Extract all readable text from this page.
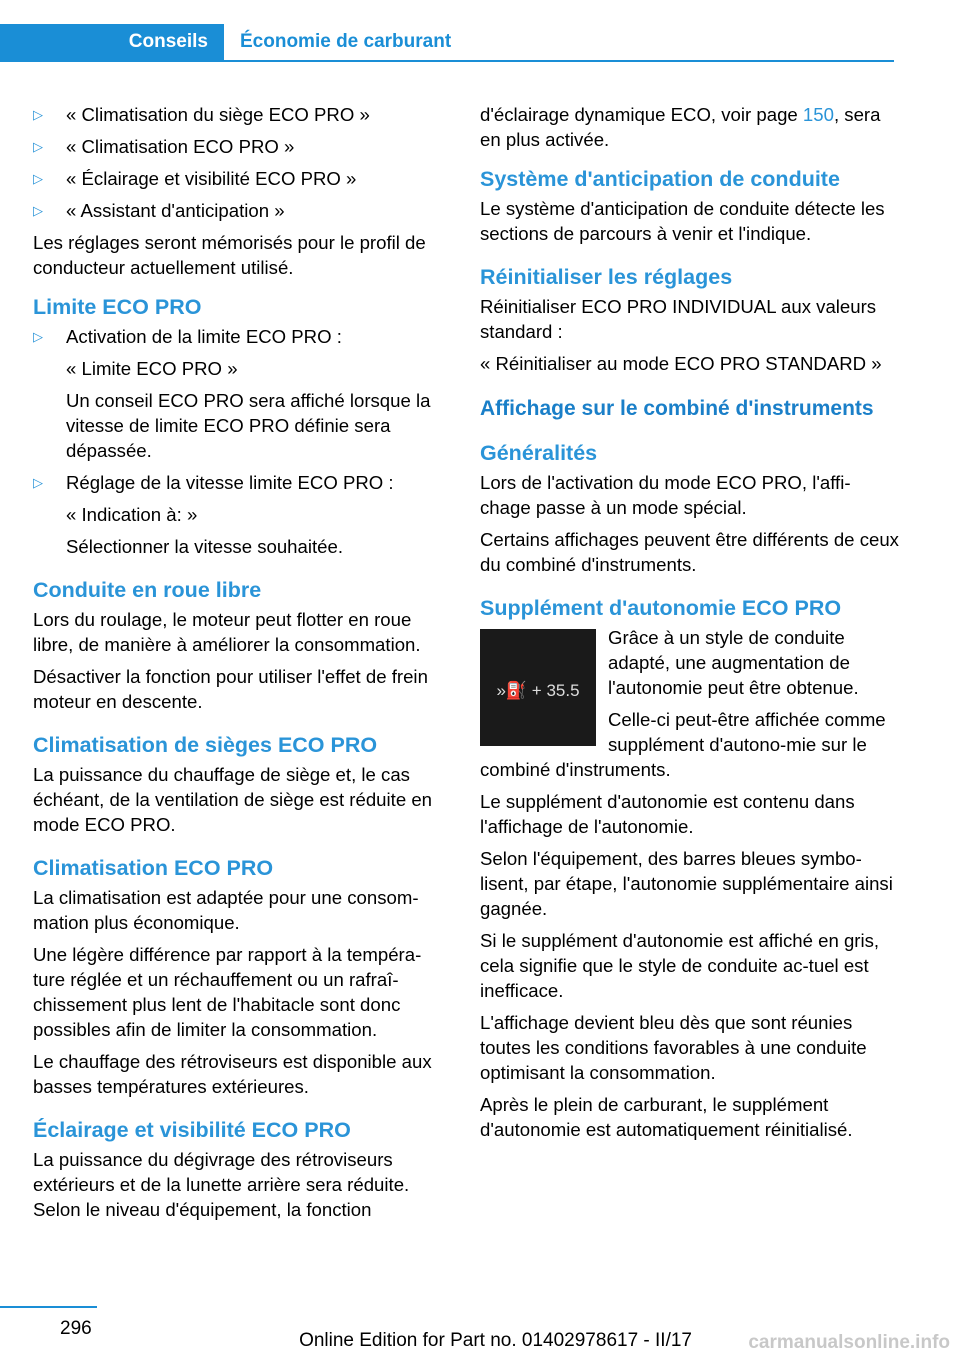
Conseils Économie de carburant
▷ « Climatisation du siège ECO PRO »
▷ « Climatisation ECO PRO »
▷ « Éclairage et visibilité ECO PRO »
▷ « Assistant d'anticipation »

Les réglages seront mémorisés pour le profil de conducteur actuellement utilisé.

Limite ECO PRO
▷ Activation de la limite ECO PRO :
« Limite ECO PRO »
Un conseil ECO PRO sera affiché lorsque la vitesse de limite ECO PRO définie sera dépassée.
▷ Réglage de la vitesse limite ECO PRO :
« Indication à: »
Sélectionner la vitesse souhaitée.
Conduite en roue libre

Lors du roulage, le moteur peut flotter en roue libre, de manière à améliorer la consommation.

Désactiver la fonction pour utiliser l'effet de frein moteur en descente.

Climatisation de sièges ECO PRO

La puissance du chauffage de siège et, le cas échéant, de la ventilation de siège est réduite en mode ECO PRO.

Climatisation ECO PRO

La climatisation est adaptée pour une consom‐mation plus économique.

Une légère différence par rapport à la tempéra‐ture réglée et un réchauffement ou un rafraî‐chissement plus lent de l'habitacle sont donc possibles afin de limiter la consommation.

Le chauffage des rétroviseurs est disponible aux basses températures extérieures.

Éclairage et visibilité ECO PRO

La puissance du dégivrage des rétroviseurs extérieurs et de la lunette arrière sera réduite. Selon le niveau d'équipement, la fonction

d'éclairage dynamique ECO, voir page 150, sera en plus activée.

Système d'anticipation de conduite

Le système d'anticipation de conduite détecte les sections de parcours à venir et l'indique.

Réinitialiser les réglages

Réinitialiser ECO PRO INDIVIDUAL aux valeurs standard :

« Réinitialiser au mode ECO PRO STANDARD »

Affichage sur le combiné d'instruments
Généralités

Lors de l'activation du mode ECO PRO, l'affi‐chage passe à un mode spécial.

Certains affichages peuvent être différents de ceux du combiné d'instruments.

Supplément d'autonomie ECO PRO
»⛽ + 35.5

Grâce à un style de conduite adapté, une augmentation de l'autonomie peut être obtenue.

Celle-ci peut-être affichée comme supplément d'autono‐mie sur le combiné d'instruments.

Le supplément d'autonomie est contenu dans l'affichage de l'autonomie.

Selon l'équipement, des barres bleues symbo‐lisent, par étape, l'autonomie supplémentaire ainsi gagnée.

Si le supplément d'autonomie est affiché en gris, cela signifie que le style de conduite ac‐tuel est inefficace.

L'affichage devient bleu dès que sont réunies toutes les conditions favorables à une conduite optimisant la consommation.

Après le plein de carburant, le supplément d'autonomie est automatiquement réinitialisé.

296
Online Edition for Part no. 01402978617 - II/17	carmanualsonline.info
